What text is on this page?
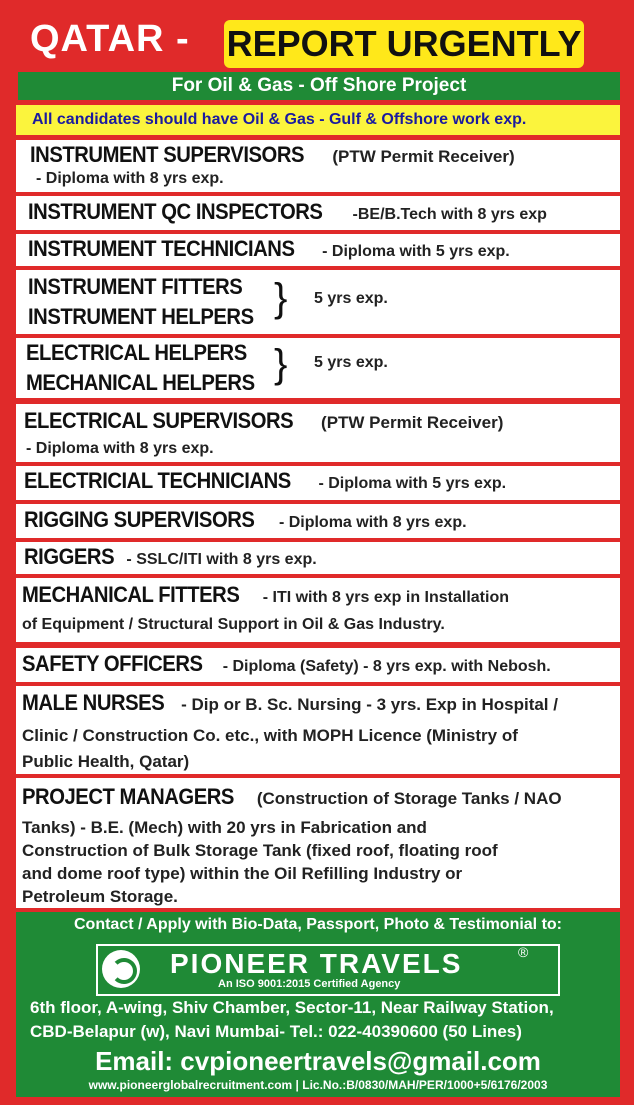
QATAR - REPORT URGENTLY
For Oil & Gas - Off Shore Project
All candidates should have Oil & Gas - Gulf & Offshore work exp.
INSTRUMENT SUPERVISORS (PTW Permit Receiver)
- Diploma with 8 yrs exp.
INSTRUMENT QC INSPECTORS -BE/B.Tech with 8 yrs exp
INSTRUMENT TECHNICIANS - Diploma with 5 yrs exp.
INSTRUMENT FITTERS
INSTRUMENT HELPERS } 5 yrs exp.
ELECTRICAL HELPERS
MECHANICAL HELPERS } 5 yrs exp.
ELECTRICAL SUPERVISORS (PTW Permit Receiver)
- Diploma with 8 yrs exp.
ELECTRICIAL TECHNICIANS - Diploma with 5 yrs exp.
RIGGING SUPERVISORS - Diploma with 8 yrs exp.
RIGGERS - SSLC/ITI with 8 yrs exp.
MECHANICAL FITTERS - ITI with 8 yrs exp in Installation
of Equipment / Structural Support in Oil & Gas Industry.
SAFETY OFFICERS - Diploma (Safety) - 8 yrs exp. with Nebosh.
MALE NURSES - Dip or B. Sc. Nursing - 3 yrs. Exp in Hospital /
Clinic / Construction Co. etc., with MOPH Licence (Ministry of
Public Health, Qatar)
PROJECT MANAGERS (Construction of Storage Tanks / NAO
Tanks) - B.E. (Mech) with 20 yrs in Fabrication and
Construction of Bulk Storage Tank (fixed roof, floating roof
and dome roof type) within the Oil Refilling Industry or
Petroleum Storage.
Contact / Apply with Bio-Data, Passport, Photo & Testimonial to:
PIONEER TRAVELS	®
An ISO 9001:2015 Certified Agency
6th floor, A-wing, Shiv Chamber, Sector-11, Near Railway Station,
CBD-Belapur (w), Navi Mumbai- Tel.: 022-40390600 (50 Lines)
Email: cvpioneertravels@gmail.com
www.pioneerglobalrecruitment.com | Lic.No.:B/0830/MAH/PER/1000+5/6176/2003
